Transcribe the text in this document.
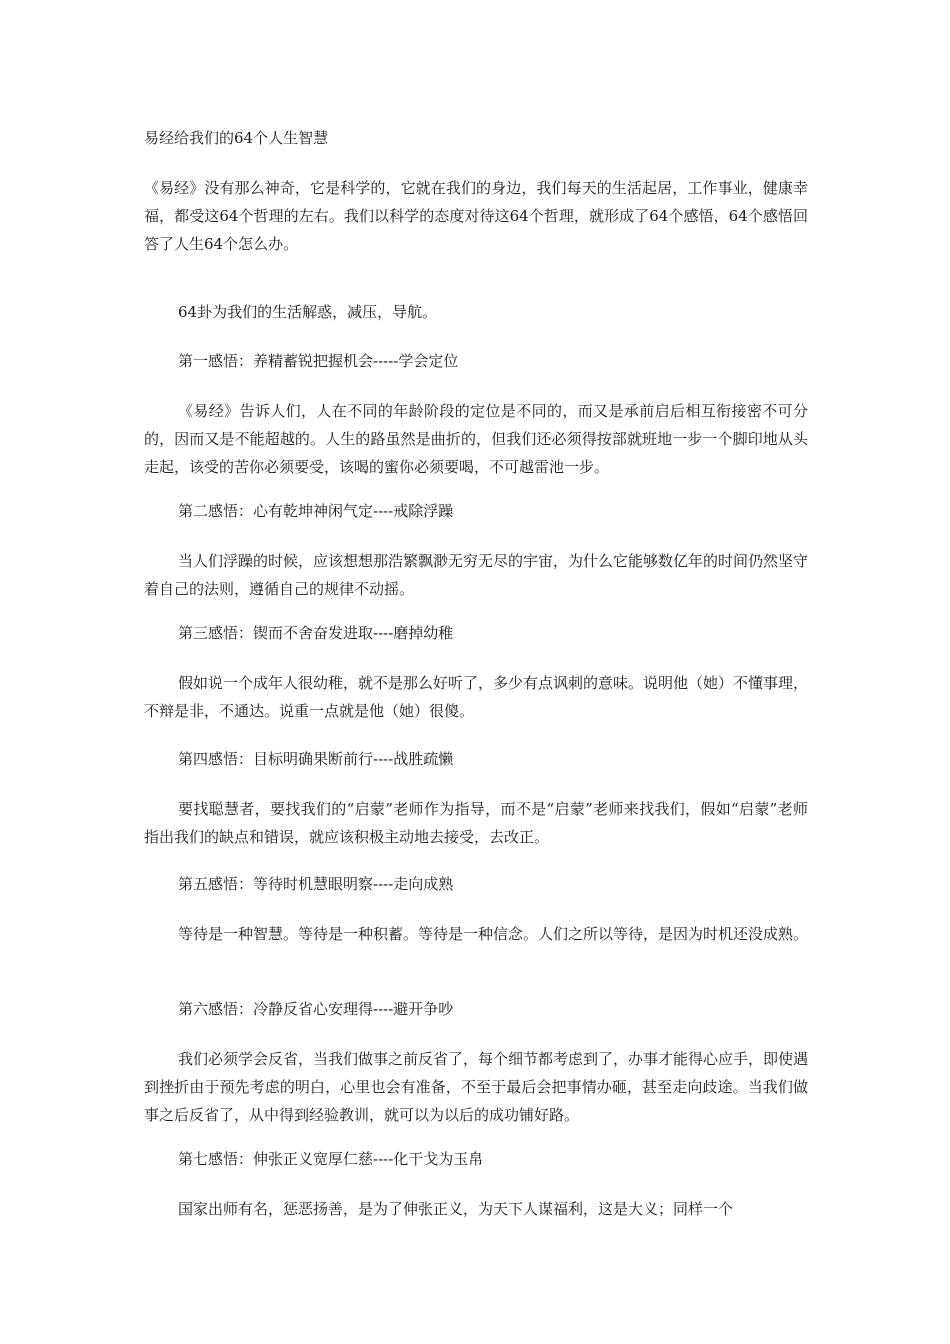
易经给我们的64个人生智慧

《易经》没有那么神奇，它是科学的，它就在我们的身边，我们每天的生活起居，工作事业，健康幸福，都受这64个哲理的左右。我们以科学的态度对待这64个哲理，就形成了64个感悟，64个感悟回答了人生64个怎么办。

64卦为我们的生活解惑，减压，导航。

第一感悟：养精蓄锐把握机会-----学会定位

《易经》告诉人们，人在不同的年龄阶段的定位是不同的，而又是承前启后相互衔接密不可分的，因而又是不能超越的。人生的路虽然是曲折的，但我们还必须得按部就班地一步一个脚印地从头走起，该受的苦你必须要受，该喝的蜜你必须要喝，不可越雷池一步。

第二感悟：心有乾坤神闲气定----戒除浮躁

当人们浮躁的时候，应该想想那浩繁飘渺无穷无尽的宇宙，为什么它能够数亿年的时间仍然坚守着自己的法则，遵循自己的规律不动摇。

第三感悟：锲而不舍奋发进取----磨掉幼稚

假如说一个成年人很幼稚，就不是那么好听了，多少有点讽刺的意味。说明他（她）不懂事理，不辩是非，不通达。说重一点就是他（她）很傻。

第四感悟：目标明确果断前行----战胜疏懒

要找聪慧者，要找我们的“启蒙”老师作为指导，而不是“启蒙”老师来找我们，假如“启蒙”老师指出我们的缺点和错误，就应该积极主动地去接受，去改正。

第五感悟：等待时机慧眼明察----走向成熟

等待是一种智慧。等待是一种积蓄。等待是一种信念。人们之所以等待，是因为时机还没成熟。

第六感悟：冷静反省心安理得----避开争吵

我们必须学会反省，当我们做事之前反省了，每个细节都考虑到了，办事才能得心应手，即使遇到挫折由于预先考虑的明白，心里也会有准备，不至于最后会把事情办砸，甚至走向歧途。当我们做事之后反省了，从中得到经验教训，就可以为以后的成功铺好路。

第七感悟：伸张正义宽厚仁慈----化干戈为玉帛

国家出师有名，惩恶扬善，是为了伸张正义，为天下人谋福利，这是大义；同样一个
